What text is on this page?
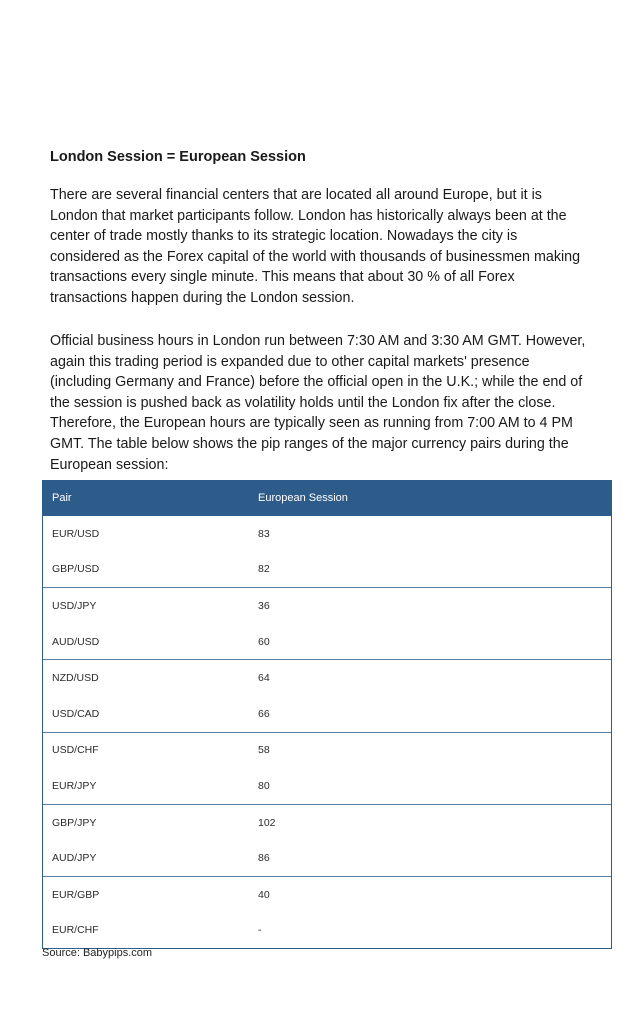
London Session = European Session

There are several financial centers that are located all around Europe, but it is London that market participants follow. London has historically always been at the center of trade mostly thanks to its strategic location. Nowadays the city is considered as the Forex capital of the world with thousands of businessmen making transactions every single minute. This means that about 30 % of all Forex transactions happen during the London session.

Official business hours in London run between 7:30 AM and 3:30 AM GMT. However, again this trading period is expanded due to other capital markets' presence (including Germany and France) before the official open in the U.K.; while the end of the session is pushed back as volatility holds until the London fix after the close. Therefore, the European hours are typically seen as running from 7:00 AM to 4 PM GMT. The table below shows the pip ranges of the major currency pairs during the European session:

Pair	European Session
EUR/USD	83
GBP/USD	82
USD/JPY	36
AUD/USD	60
NZD/USD	64
USD/CAD	66
USD/CHF	58
EUR/JPY	80
GBP/JPY	102
AUD/JPY	86
EUR/GBP	40
EUR/CHF	-
Source: Babypips.com
